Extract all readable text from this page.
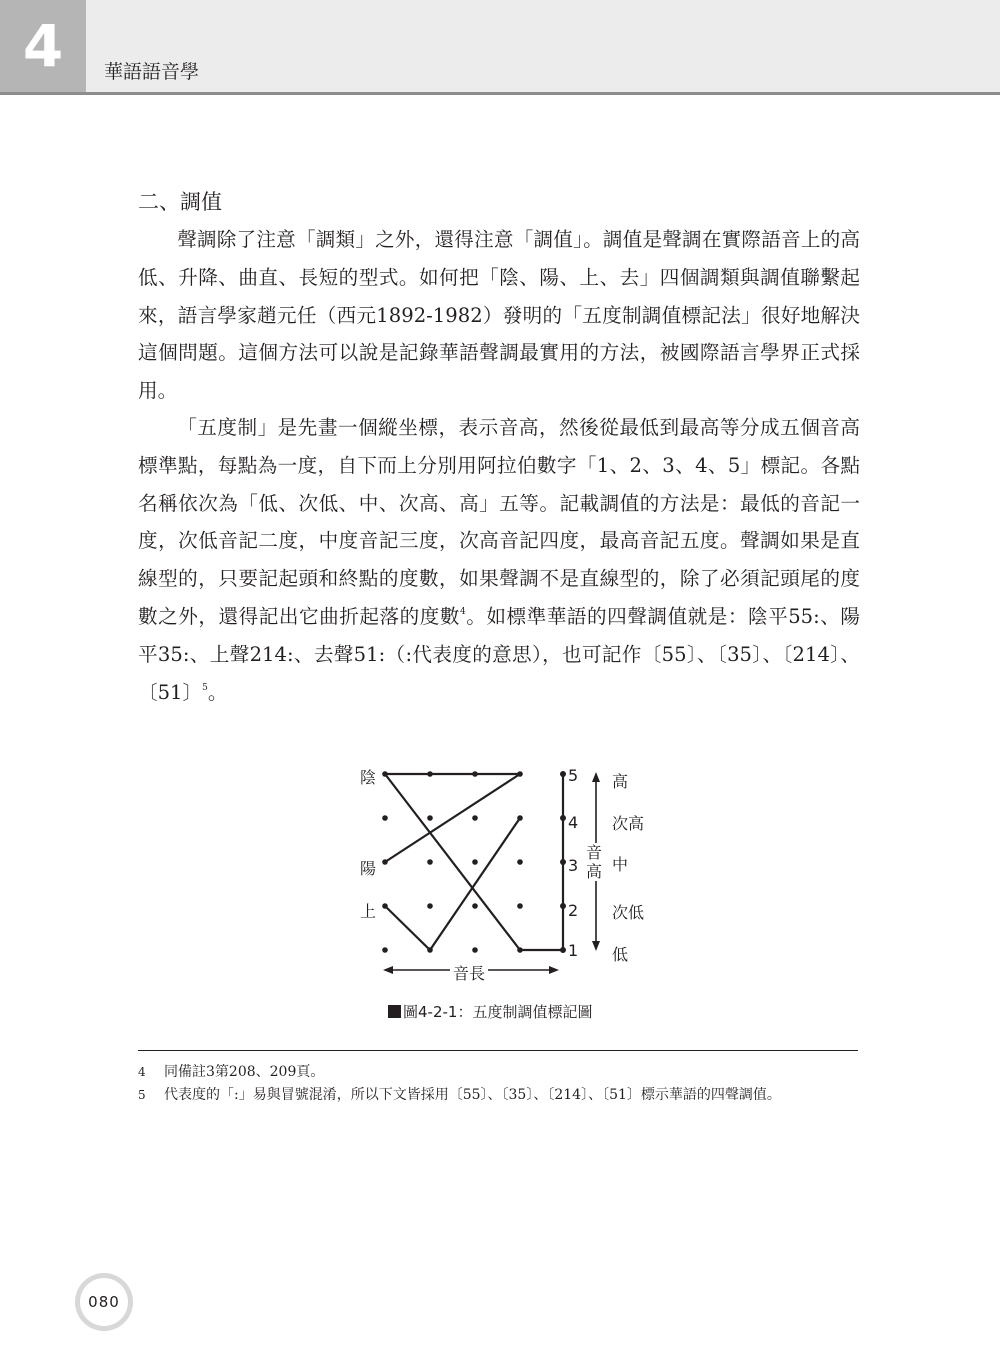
4	華語語音學
二、調值

聲調除了注意「調類」之外，還得注意「調值」。調值是聲調在實際語音上的高低、升降、曲直、長短的型式。如何把「陰、陽、上、去」四個調類與調值聯繫起來，語言學家趙元任（西元1892-1982）發明的「五度制調值標記法」很好地解決這個問題。這個方法可以說是記錄華語聲調最實用的方法，被國際語言學界正式採用。

「五度制」是先畫一個縱坐標，表示音高，然後從最低到最高等分成五個音高標準點，每點為一度，自下而上分別用阿拉伯數字「1、2、3、4、5」標記。各點名稱依次為「低、次低、中、次高、高」五等。記載調值的方法是：最低的音記一度，次低音記二度，中度音記三度，次高音記四度，最高音記五度。聲調如果是直線型的，只要記起頭和終點的度數，如果聲調不是直線型的，除了必須記頭尾的度數之外，還得記出它曲折起落的度數$^4$。如標準華語的四聲調值就是：陰平55:、陽平35:、上聲214:、去聲51:（:代表度的意思），也可記作〔55〕、〔35〕、〔214〕、〔51〕$^5$。

陰
陽
上
5
4
3
2
1
音高
高
次高
中
次低
低
音長
圖4-2-1：五度制調值標記圖
4 同備註3第208、209頁。
5 代表度的「:」易與冒號混淆，所以下文皆採用〔55〕、〔35〕、〔214〕、〔51〕標示華語的四聲調值。
080
